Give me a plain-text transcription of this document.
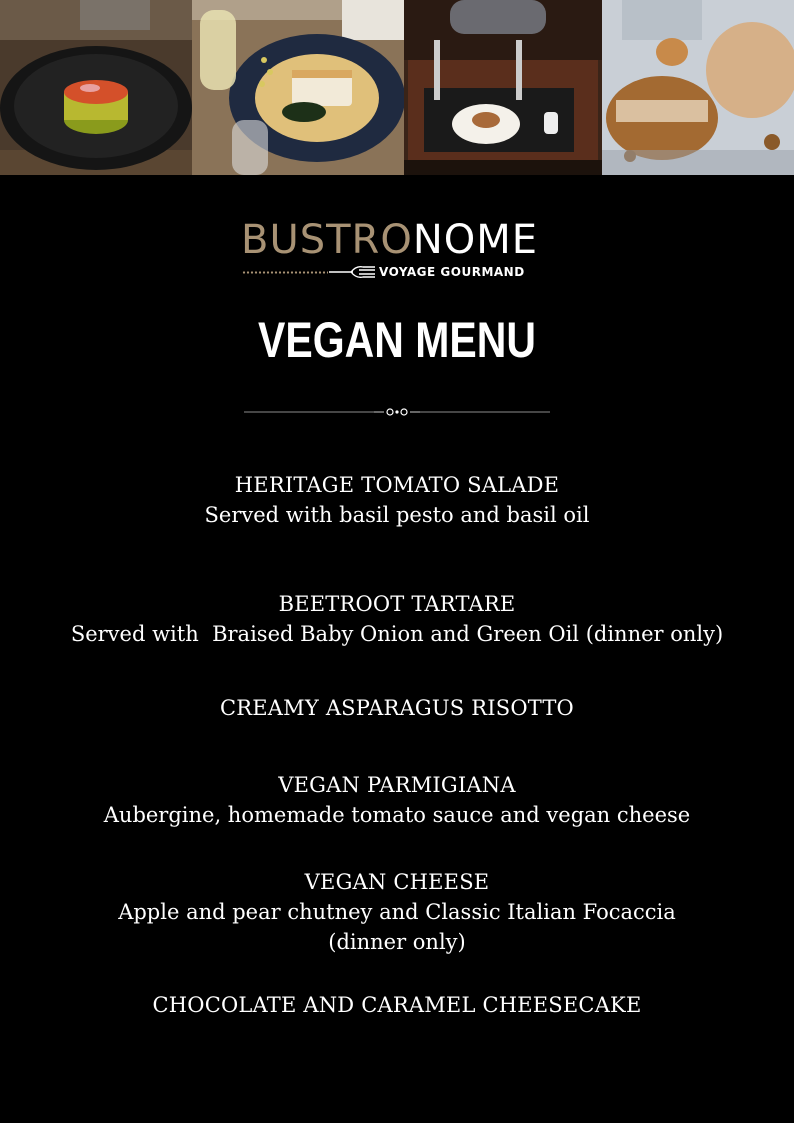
BUSTRONOME
VOYAGE GOURMAND
VEGAN MENU
HERITAGE TOMATO SALADE
Served with basil pesto and basil oil
BEETROOT TARTARE
Served with  Braised Baby Onion and Green Oil (dinner only)
CREAMY ASPARAGUS RISOTTO
VEGAN PARMIGIANA
Aubergine, homemade tomato sauce and vegan cheese
VEGAN CHEESE
Apple and pear chutney and Classic Italian Focaccia
(dinner only)
CHOCOLATE AND CARAMEL CHEESECAKE
